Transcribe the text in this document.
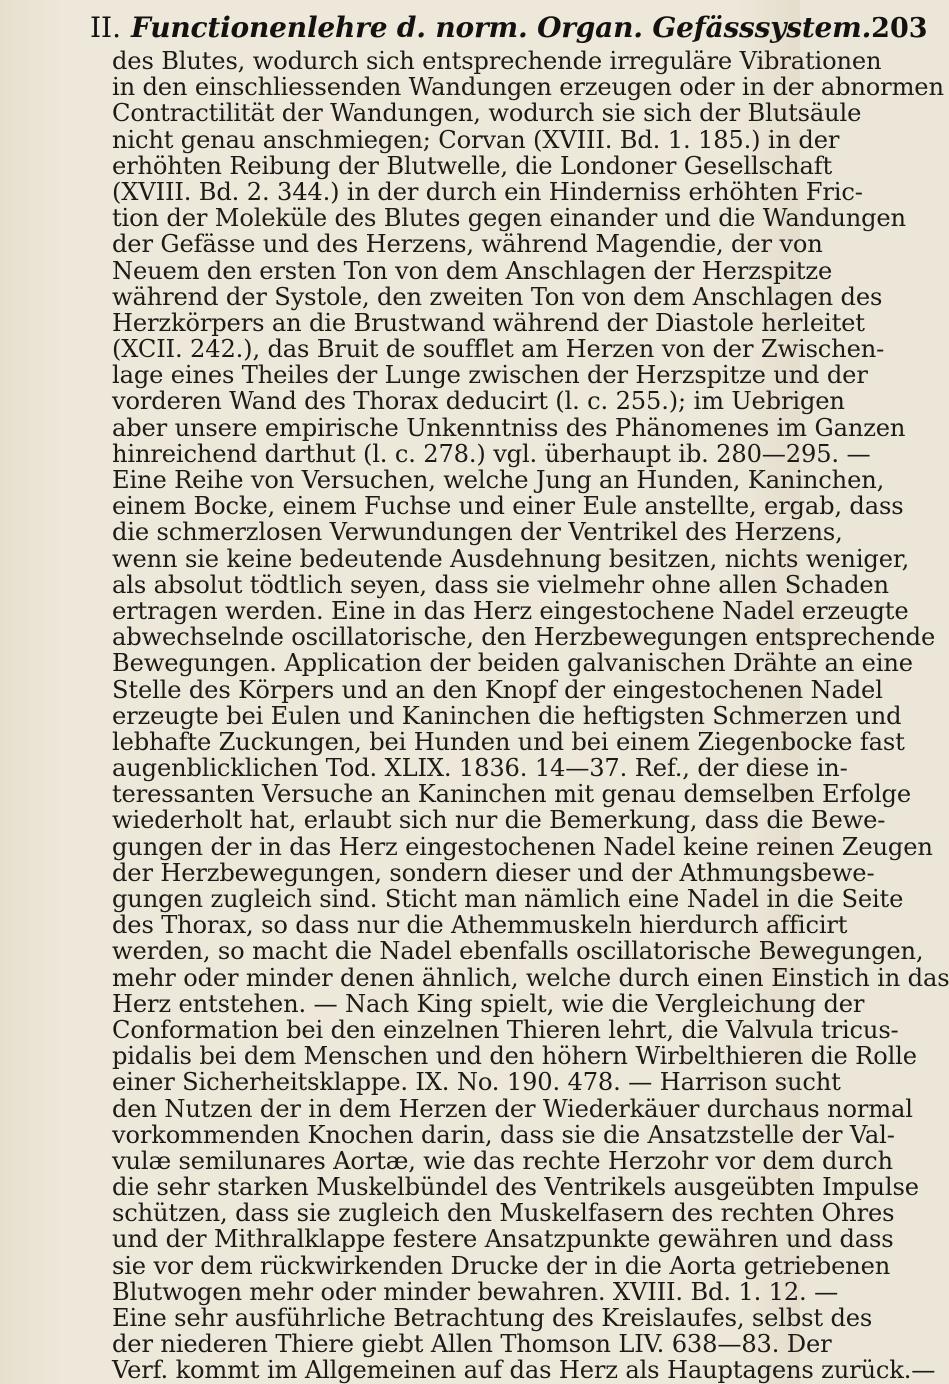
II. Functionenlehre d. norm. Organ. Gefässsystem. 203
des Blutes, wodurch sich entsprechende irreguläre Vibrationen
in den einschliessenden Wandungen erzeugen oder in der abnormen
Contractilität der Wandungen, wodurch sie sich der Blutsäule
nicht genau anschmiegen; Corvan (XVIII. Bd. 1. 185.) in der
erhöhten Reibung der Blutwelle, die Londoner Gesellschaft
(XVIII. Bd. 2. 344.) in der durch ein Hinderniss erhöhten Fric-
tion der Moleküle des Blutes gegen einander und die Wandungen
der Gefässe und des Herzens, während Magendie, der von
Neuem den ersten Ton von dem Anschlagen der Herzspitze
während der Systole, den zweiten Ton von dem Anschlagen des
Herzkörpers an die Brustwand während der Diastole herleitet
(XCII. 242.), das Bruit de soufflet am Herzen von der Zwischen-
lage eines Theiles der Lunge zwischen der Herzspitze und der
vorderen Wand des Thorax deducirt (l. c. 255.); im Uebrigen
aber unsere empirische Unkenntniss des Phänomenes im Ganzen
hinreichend darthut (l. c. 278.) vgl. überhaupt ib. 280—295. —
Eine Reihe von Versuchen, welche Jung an Hunden, Kaninchen,
einem Bocke, einem Fuchse und einer Eule anstellte, ergab, dass
die schmerzlosen Verwundungen der Ventrikel des Herzens,
wenn sie keine bedeutende Ausdehnung besitzen, nichts weniger,
als absolut tödtlich seyen, dass sie vielmehr ohne allen Schaden
ertragen werden. Eine in das Herz eingestochene Nadel erzeugte
abwechselnde oscillatorische, den Herzbewegungen entsprechende
Bewegungen. Application der beiden galvanischen Drähte an eine
Stelle des Körpers und an den Knopf der eingestochenen Nadel
erzeugte bei Eulen und Kaninchen die heftigsten Schmerzen und
lebhafte Zuckungen, bei Hunden und bei einem Ziegenbocke fast
augenblicklichen Tod. XLIX. 1836. 14—37. Ref., der diese in-
teressanten Versuche an Kaninchen mit genau demselben Erfolge
wiederholt hat, erlaubt sich nur die Bemerkung, dass die Bewe-
gungen der in das Herz eingestochenen Nadel keine reinen Zeugen
der Herzbewegungen, sondern dieser und der Athmungsbewe-
gungen zugleich sind. Sticht man nämlich eine Nadel in die Seite
des Thorax, so dass nur die Athemmuskeln hierdurch afficirt
werden, so macht die Nadel ebenfalls oscillatorische Bewegungen,
mehr oder minder denen ähnlich, welche durch einen Einstich in das
Herz entstehen. — Nach King spielt, wie die Vergleichung der
Conformation bei den einzelnen Thieren lehrt, die Valvula tricus-
pidalis bei dem Menschen und den höhern Wirbelthieren die Rolle
einer Sicherheitsklappe. IX. No. 190. 478. — Harrison sucht
den Nutzen der in dem Herzen der Wiederkäuer durchaus normal
vorkommenden Knochen darin, dass sie die Ansatzstelle der Val-
vulæ semilunares Aortæ, wie das rechte Herzohr vor dem durch
die sehr starken Muskelbündel des Ventrikels ausgeübten Impulse
schützen, dass sie zugleich den Muskelfasern des rechten Ohres
und der Mithralklappe festere Ansatzpunkte gewähren und dass
sie vor dem rückwirkenden Drucke der in die Aorta getriebenen
Blutwogen mehr oder minder bewahren. XVIII. Bd. 1. 12. —
Eine sehr ausführliche Betrachtung des Kreislaufes, selbst des
der niederen Thiere giebt Allen Thomson LIV. 638—83. Der
Verf. kommt im Allgemeinen auf das Herz als Hauptagens zurück.—
